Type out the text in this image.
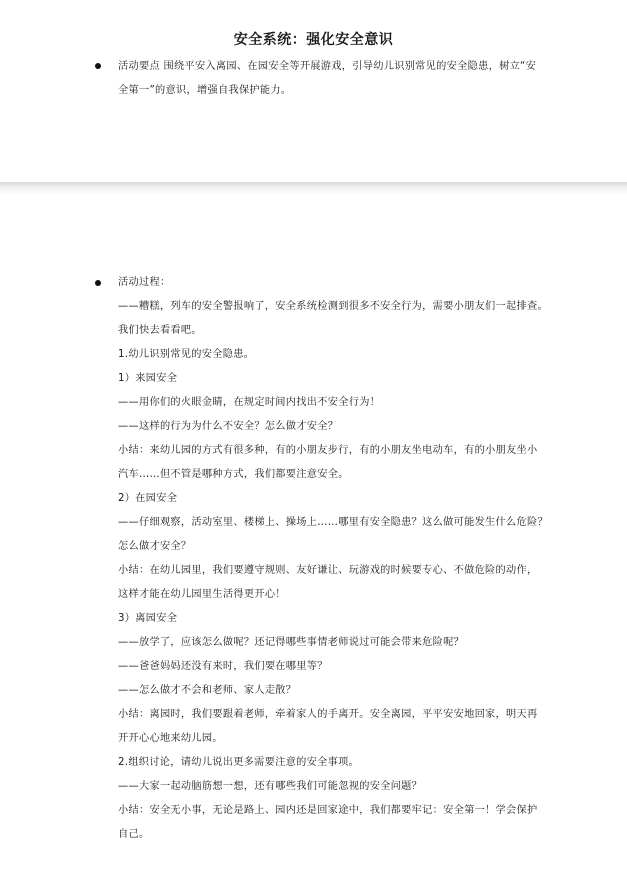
安全系统：强化安全意识
活动要点 围绕平安入离园、在园安全等开展游戏，引导幼儿识别常见的安全隐患，树立“安
全第一”的意识，增强自我保护能力。
活动过程：
——糟糕，列车的安全警报响了，安全系统检测到很多不安全行为，需要小朋友们一起排查。
我们快去看看吧。
1.幼儿识别常见的安全隐患。
1）来园安全
——用你们的火眼金睛，在规定时间内找出不安全行为！
——这样的行为为什么不安全？怎么做才安全？
小结：来幼儿园的方式有很多种，有的小朋友步行，有的小朋友坐电动车，有的小朋友坐小
汽车……但不管是哪种方式，我们都要注意安全。
2）在园安全
——仔细观察，活动室里、楼梯上、操场上……哪里有安全隐患？这么做可能发生什么危险？
怎么做才安全？
小结：在幼儿园里，我们要遵守规则、友好谦让、玩游戏的时候要专心、不做危险的动作，
这样才能在幼儿园里生活得更开心！
3）离园安全
——放学了，应该怎么做呢？还记得哪些事情老师说过可能会带来危险呢？
——爸爸妈妈还没有来时，我们要在哪里等？
——怎么做才不会和老师、家人走散？
小结：离园时，我们要跟着老师，牵着家人的手离开。安全离园，平平安安地回家，明天再
开开心心地来幼儿园。
2.组织讨论，请幼儿说出更多需要注意的安全事项。
——大家一起动脑筋想一想，还有哪些我们可能忽视的安全问题？
小结：安全无小事，无论是路上、园内还是回家途中，我们都要牢记：安全第一！学会保护
自己。
